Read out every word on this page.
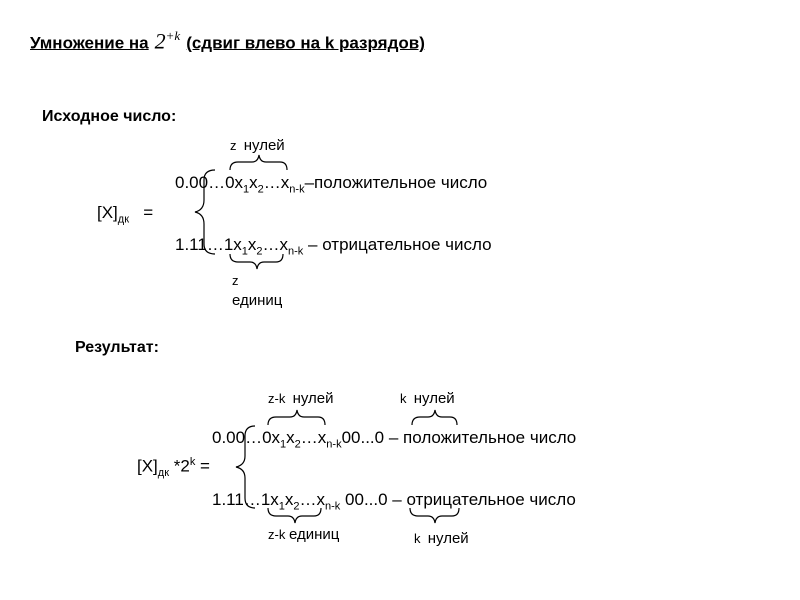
Умножение на $2^{+k}$ (сдвиг влево на k разрядов)
Исходное число:
z нулей
$0.00\dots 0x_1x_2\dots x_{n-k}$–положительное число
$[X]_{дк}$ =
$1.11\dots 1x_1x_2\dots x_{n-k}$ – отрицательное число
z
единиц
Результат:
z-k нулей	k нулей
$0.00\dots 0x_1x_2\dots x_{n-k}00...0$ – положительное число
$[X]_{дк}$ $*2^k$ =
$1.11\dots 1x_1x_2\dots x_{n-k}$ 00...0 – отрицательное число
z-k единиц	k нулей
